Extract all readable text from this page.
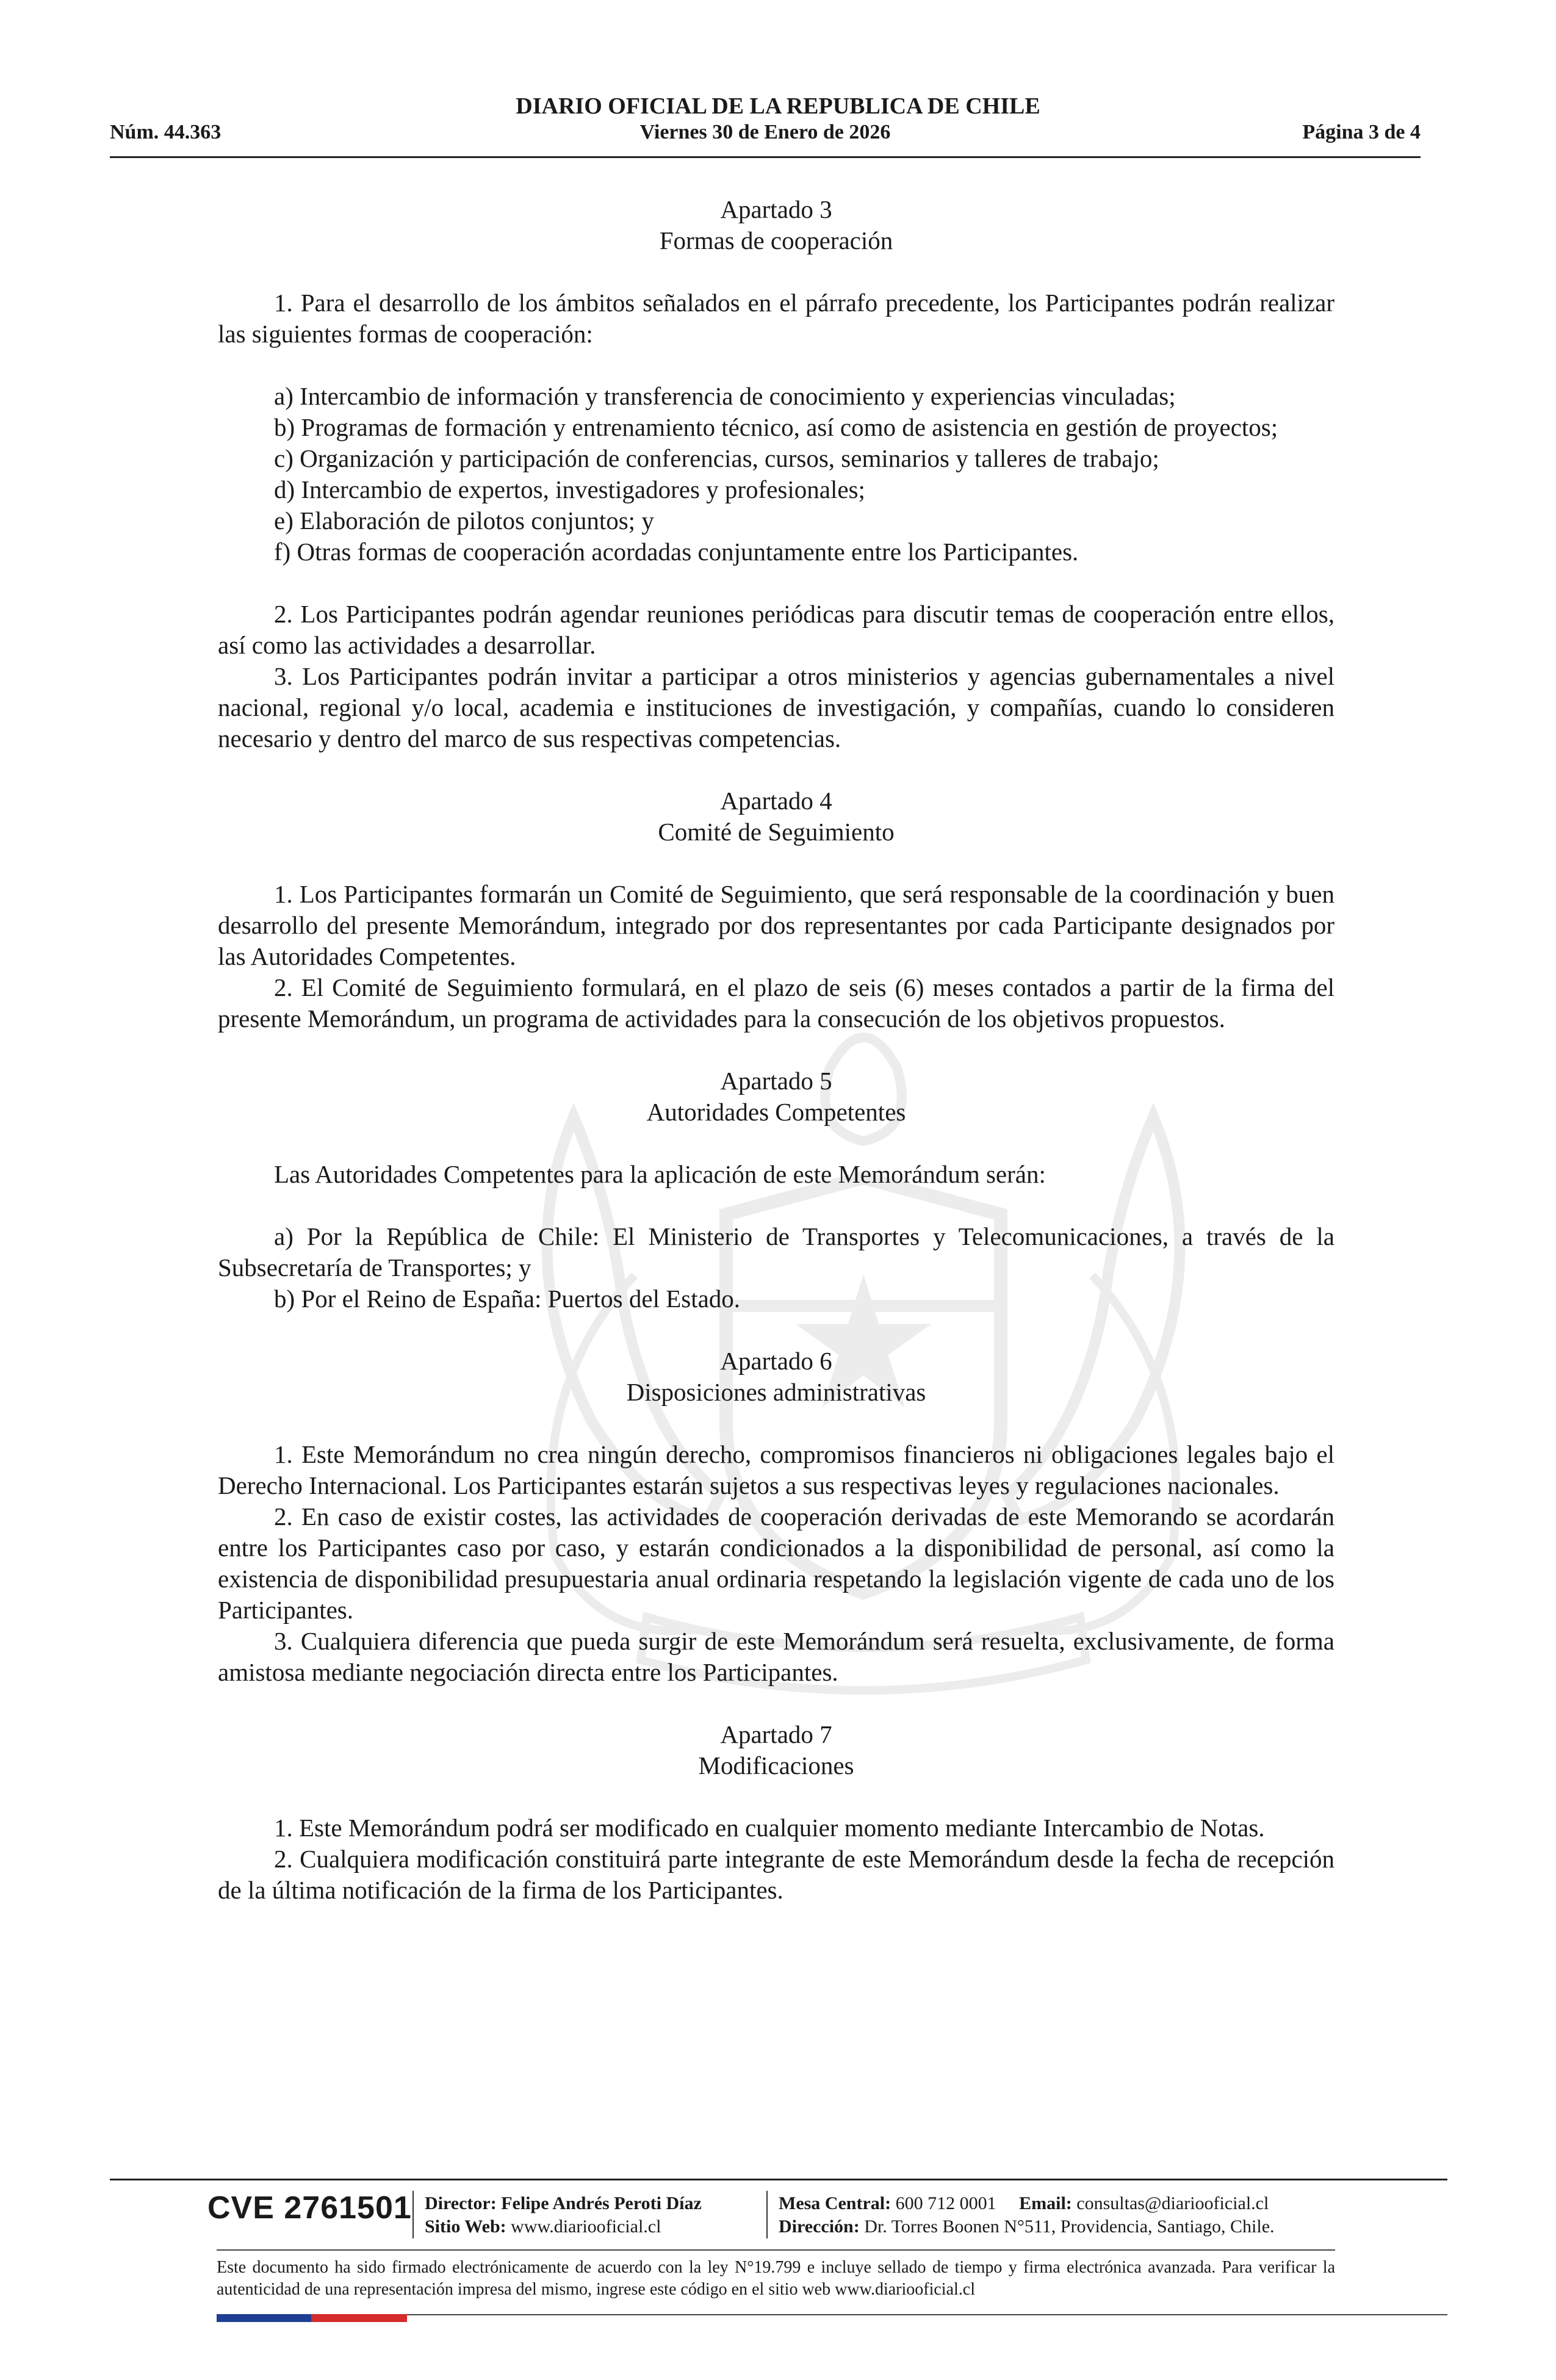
DIARIO OFICIAL DE LA REPUBLICA DE CHILE
Viernes 30 de Enero de 2026
Núm. 44.363	Página 3 de 4
Apartado 3
Formas de cooperación

1. Para el desarrollo de los ámbitos señalados en el párrafo precedente, los Participantes podrán realizar las siguientes formas de cooperación:

a) Intercambio de información y transferencia de conocimiento y experiencias vinculadas;

b) Programas de formación y entrenamiento técnico, así como de asistencia en gestión de proyectos;

c) Organización y participación de conferencias, cursos, seminarios y talleres de trabajo;

d) Intercambio de expertos, investigadores y profesionales;

e) Elaboración de pilotos conjuntos; y

f) Otras formas de cooperación acordadas conjuntamente entre los Participantes.

2. Los Participantes podrán agendar reuniones periódicas para discutir temas de cooperación entre ellos, así como las actividades a desarrollar.

3. Los Participantes podrán invitar a participar a otros ministerios y agencias gubernamentales a nivel nacional, regional y/o local, academia e instituciones de investigación, y compañías, cuando lo consideren necesario y dentro del marco de sus respectivas competencias.

Apartado 4
Comité de Seguimiento

1. Los Participantes formarán un Comité de Seguimiento, que será responsable de la coordinación y buen desarrollo del presente Memorándum, integrado por dos representantes por cada Participante designados por las Autoridades Competentes.

2. El Comité de Seguimiento formulará, en el plazo de seis (6) meses contados a partir de la firma del presente Memorándum, un programa de actividades para la consecución de los objetivos propuestos.

Apartado 5
Autoridades Competentes

Las Autoridades Competentes para la aplicación de este Memorándum serán:

a) Por la República de Chile: El Ministerio de Transportes y Telecomunicaciones, a través de la Subsecretaría de Transportes; y

b) Por el Reino de España: Puertos del Estado.

Apartado 6
Disposiciones administrativas

1. Este Memorándum no crea ningún derecho, compromisos financieros ni obligaciones legales bajo el Derecho Internacional. Los Participantes estarán sujetos a sus respectivas leyes y regulaciones nacionales.

2. En caso de existir costes, las actividades de cooperación derivadas de este Memorando se acordarán entre los Participantes caso por caso, y estarán condicionados a la disponibilidad de personal, así como la existencia de disponibilidad presupuestaria anual ordinaria respetando la legislación vigente de cada uno de los Participantes.

3. Cualquiera diferencia que pueda surgir de este Memorándum será resuelta, exclusivamente, de forma amistosa mediante negociación directa entre los Participantes.

Apartado 7
Modificaciones

1. Este Memorándum podrá ser modificado en cualquier momento mediante Intercambio de Notas.

2. Cualquiera modificación constituirá parte integrante de este Memorándum desde la fecha de recepción de la última notificación de la firma de los Participantes.

CVE 2761501 Director: Felipe Andrés Peroti Díaz
Sitio Web: www.diariooficial.cl
Mesa Central: 600 712 0001 Email: consultas@diariooficial.cl
Dirección: Dr. Torres Boonen N°511, Providencia, Santiago, Chile.
Este documento ha sido firmado electrónicamente de acuerdo con la ley N°19.799 e incluye sellado de tiempo y firma electrónica avanzada. Para verificar la autenticidad de una representación impresa del mismo, ingrese este código en el sitio web www.diariooficial.cl
